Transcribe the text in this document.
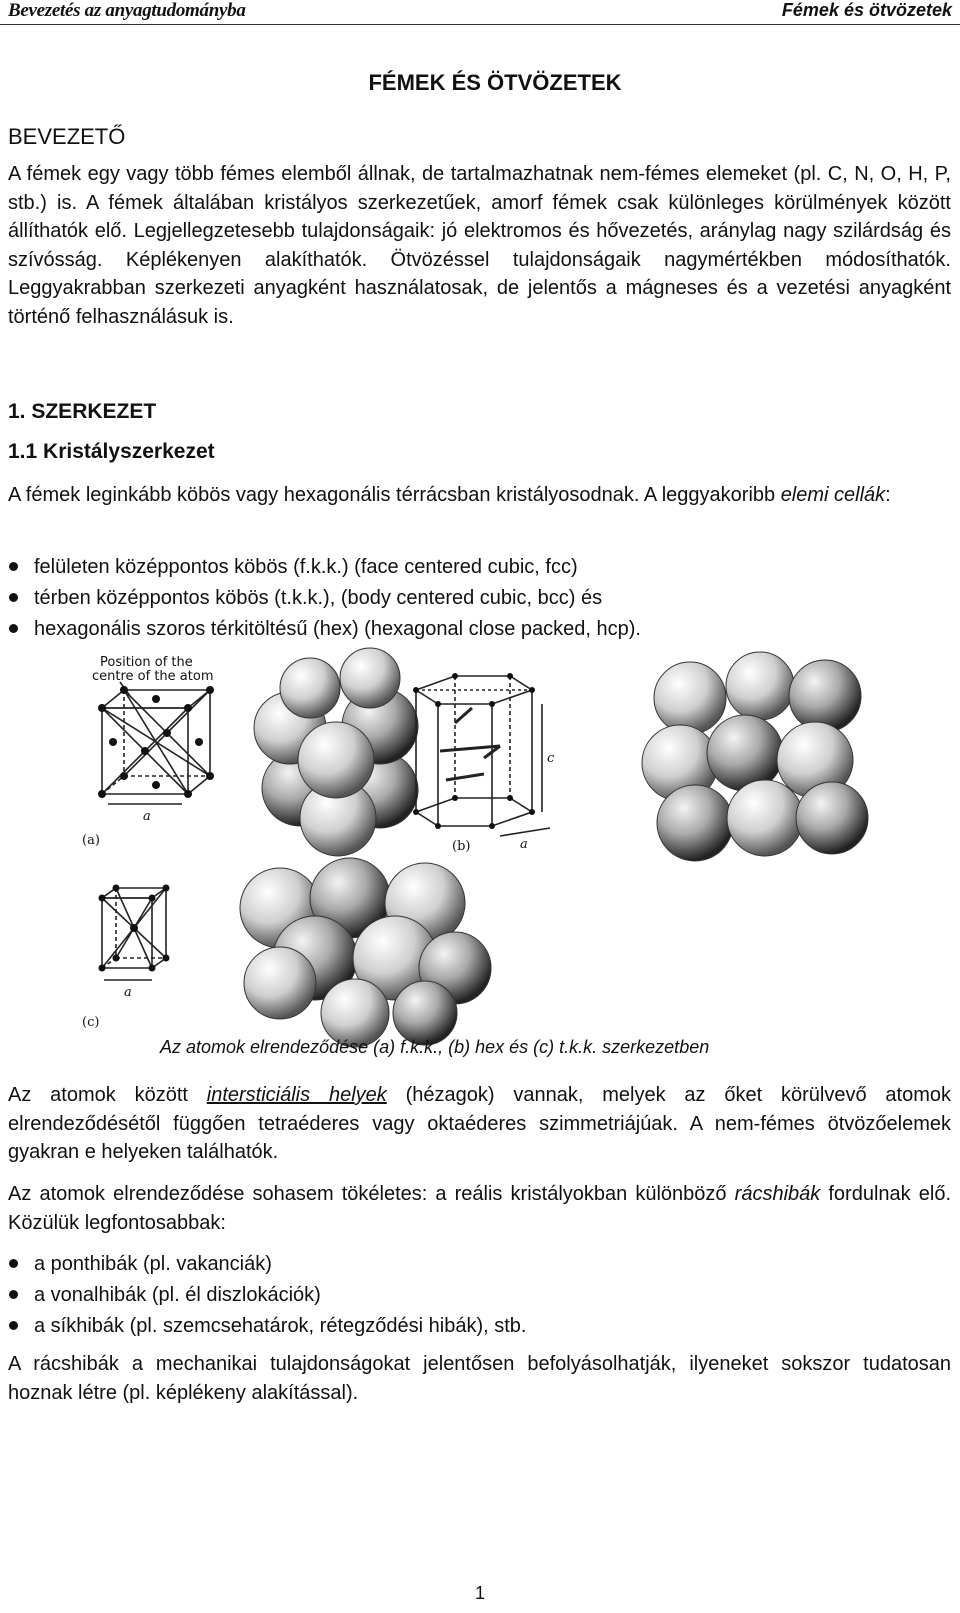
Bevezetés az anyagtudományba	Fémek és ötvözetek
FÉMEK ÉS ÖTVÖZETEK
BEVEZETŐ
A fémek egy vagy több fémes elemből állnak, de tartalmazhatnak nem-fémes elemeket (pl. C, N, O, H, P, stb.) is. A fémek általában kristályos szerkezetűek, amorf fémek csak különleges körülmények között állíthatók elő. Legjellegzetesebb tulajdonságaik: jó elektromos és hővezetés, aránylag nagy szilárdság és szívósság. Képlékenyen alakíthatók. Ötvözéssel tulajdonságaik nagymértékben módosíthatók. Leggyakrabban szerkezeti anyagként használatosak, de jelentős a mágneses és a vezetési anyagként történő felhasználásuk is.
1. SZERKEZET
1.1 Kristályszerkezet
A fémek leginkább köbös vagy hexagonális térrácsban kristályosodnak. A leggyakoribb elemi cellák:
felületen középpontos köbös (f.k.k.) (face centered cubic, fcc)
térben középpontos köbös (t.k.k.), (body centered cubic, bcc) és
hexagonális szoros térkitöltésű (hex) (hexagonal close packed, hcp).
Position of the
centre of the atom
a
(a)
c
a
(b)
a
(c)
Az atomok elrendeződése (a) f.k.k., (b) hex és (c) t.k.k. szerkezetben
Az atomok között intersticiális helyek (hézagok) vannak, melyek az őket körülvevő atomok elrendeződésétől függően tetraéderes vagy oktaéderes szimmetriájúak. A nem-fémes ötvözőelemek gyakran e helyeken találhatók.
Az atomok elrendeződése sohasem tökéletes: a reális kristályokban különböző rácshibák fordulnak elő. Közülük legfontosabbak:
a ponthibák (pl. vakanciák)
a vonalhibák (pl. él diszlokációk)
a síkhibák (pl. szemcsehatárok, rétegződési hibák), stb.
A rácshibák a mechanikai tulajdonságokat jelentősen befolyásolhatják, ilyeneket sokszor tudatosan hoznak létre (pl. képlékeny alakítással).
1
